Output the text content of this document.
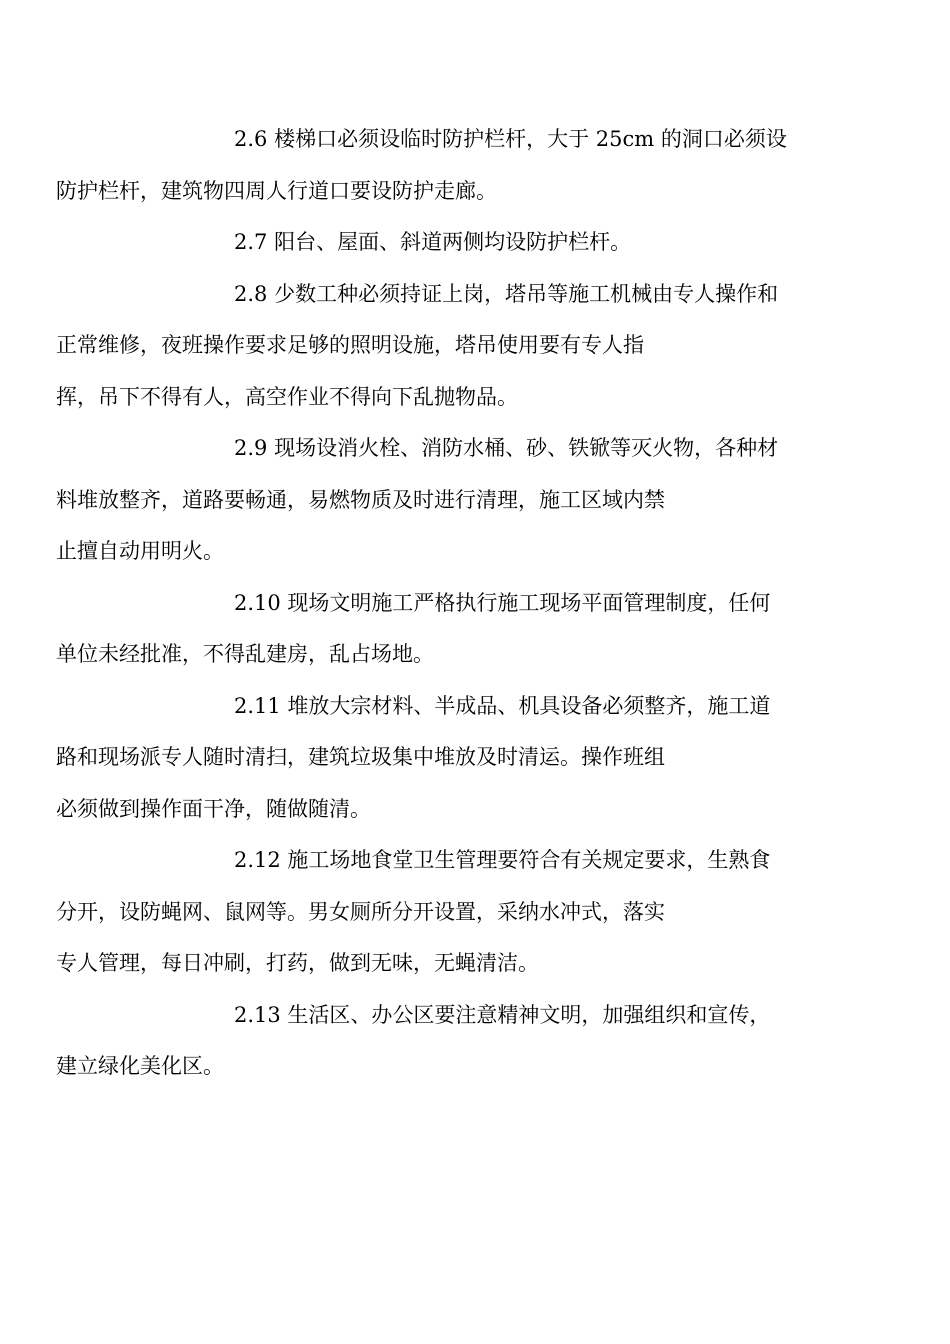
2.6 楼梯口必须设临时防护栏杆，大于 25cm 的洞口必须设
防护栏杆，建筑物四周人行道口要设防护走廊。

2.7 阳台、屋面、斜道两侧均设防护栏杆。

2.8 少数工种必须持证上岗，塔吊等施工机械由专人操作和
正常维修，夜班操作要求足够的照明设施，塔吊使用要有专人指
挥，吊下不得有人，高空作业不得向下乱抛物品。

2.9 现场设消火栓、消防水桶、砂、铁锨等灭火物，各种材
料堆放整齐，道路要畅通，易燃物质及时进行清理，施工区域内禁
止擅自动用明火。

2.10 现场文明施工严格执行施工现场平面管理制度，任何
单位未经批准，不得乱建房，乱占场地。

2.11 堆放大宗材料、半成品、机具设备必须整齐，施工道
路和现场派专人随时清扫，建筑垃圾集中堆放及时清运。操作班组
必须做到操作面干净，随做随清。

2.12 施工场地食堂卫生管理要符合有关规定要求，生熟食
分开，设防蝇网、鼠网等。男女厕所分开设置，采纳水冲式，落实
专人管理，每日冲刷，打药，做到无味，无蝇清洁。

2.13 生活区、办公区要注意精神文明，加强组织和宣传，
建立绿化美化区。
